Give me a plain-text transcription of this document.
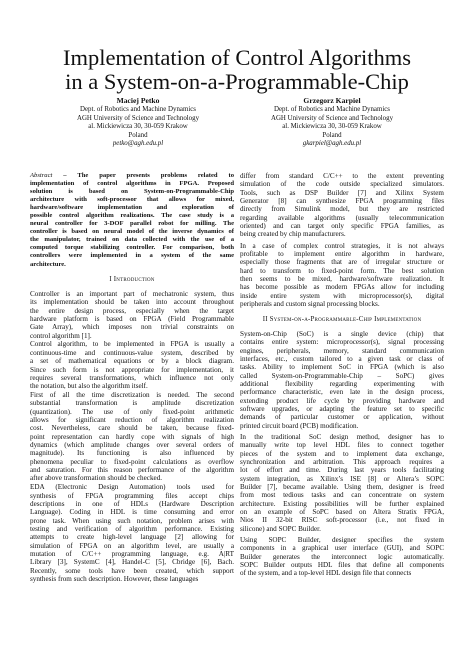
Implementation of Control Algorithms
in a System-on-a-Programmable-Chip
Maciej Petko
Dept. of Robotics and Machine Dynamics
AGH University of Science and Technology
al. Mickiewicza 30, 30-059 Krakow
Poland
petko@agh.edu.pl
Grzegorz Karpiel
Dept. of Robotics and Machine Dynamics
AGH University of Science and Technology
al. Mickiewicza 30, 30-059 Krakow
Poland
gkarpiel@agh.edu.pl
Abstract – The paper presents problems related to
implementation of control algorithms in FPGA. Proposed
solution is based on System-on-Programmable-Chip
architecture with soft-processor that allows for mixed,
hardware/software implementation and exploration of
possible control algorithm realizations. The case study is a
neural controller for 3-DOF parallel robot for milling. The
controller is based on neural model of the inverse dynamics of
the manipulator, trained on data collected with the use of a
computed torque stabilizing controller. For comparison, both
controllers were implemented in a system of the same
architecture.
I Introduction
Controller is an important part of mechatronic system, thus
its implementation should be taken into account throughout
the entire design process, especially when the target
hardware platform is based on FPGA (Field Programmable
Gate Array), which imposes non trivial constraints on
control algorithm [1].
Control algorithm, to be implemented in FPGA is usually a
continuous-time and continuous-value system, described by
a set of mathematical equations or by a block diagram.
Since such form is not appropriate for implementation, it
requires several transformations, which influence not only
the notation, but also the algorithm itself.
First of all the time discretization is needed. The second
substantial transformation is amplitude discretization
(quantization). The use of only fixed-point arithmetic
allows for significant reduction of algorithm realization
cost. Nevertheless, care should be taken, because fixed-
point representation can hardly cope with signals of high
dynamics (which amplitude changes over several orders of
magnitude). Its functioning is also influenced by
phenomena peculiar to fixed-point calculations as overflow
and saturation. For this reason performance of the algorithm
after above transformation should be checked.
EDA (Electronic Design Automation) tools used for
synthesis of FPGA programming files accept chips
descriptions in one of HDLs (Hardware Description
Language). Coding in HDL is time consuming and error
prone task. When using such notation, problem arises with
testing and verification of algorithm performance. Existing
attempts to create high-level language [2] allowing for
simulation of FPGA on an algorithm level, are usually a
mutation of C/C++ programming language, e.g. A|RT
Library [3], SystemC [4], Handel-C [5], Cbridge [6], Bach.
Recently, some tools have been created, which support
synthesis from such description. However, these languages
differ from standard C/C++ to the extent preventing
simulation of the code outside specialized simulators.
Tools, such as DSP Builder [7] and Xilinx System
Generator [8] can synthesize FPGA programming files
directly from Simulink model, but they are restricted
regarding available algorithms (usually telecommunication
oriented) and can target only specific FPGA families, as
being created by chip manufacturers.
In a case of complex control strategies, it is not always
profitable to implement entire algorithm in hardware,
especially those fragments that are of irregular structure or
hard to transform to fixed-point form. The best solution
then seems to be mixed, hardware/software realization. It
has become possible as modern FPGAs allow for including
inside entire system with microprocessor(s), digital
peripherals and custom signal processing blocks.
II System-on-a-Programmable-Chip Implementation
System-on-Chip (SoC) is a single device (chip) that
contains entire system: microprocessor(s), signal processing
engines, peripherals, memory, standard communication
interfaces, etc., custom tailored to a given task or class of
tasks. Ability to implement SoC in FPGA (which is also
called System-on-Programmable-Chip – SoPC) gives
additional flexibility regarding experimenting with
performance characteristic, even late in the design process,
extending product life cycle by providing hardware and
software upgrades, or adapting the feature set to specific
demands of particular customer or application, without
printed circuit board (PCB) modification.
In the traditional SoC design method, designer has to
manually write top level HDL files to connect together
pieces of the system and to implement data exchange,
synchronization and arbitration. This approach requires a
lot of effort and time. During last years tools facilitating
system integration, as Xilinx’s ISE [8] or Altera’s SOPC
Builder [7], became available. Using them, designer is freed
from most tedious tasks and can concentrate on system
architecture. Existing possibilities will be further explained
on an example of SoPC based on Altera Stratix FPGA,
Nios II 32-bit RISC soft-processor (i.e., not fixed in
silicone) and SOPC Builder.
Using SOPC Builder, designer specifies the system
components in a graphical user interface (GUI), and SOPC
Builder generates the interconnect logic automatically.
SOPC Builder outputs HDL files that define all components
of the system, and a top-level HDL design file that connects
